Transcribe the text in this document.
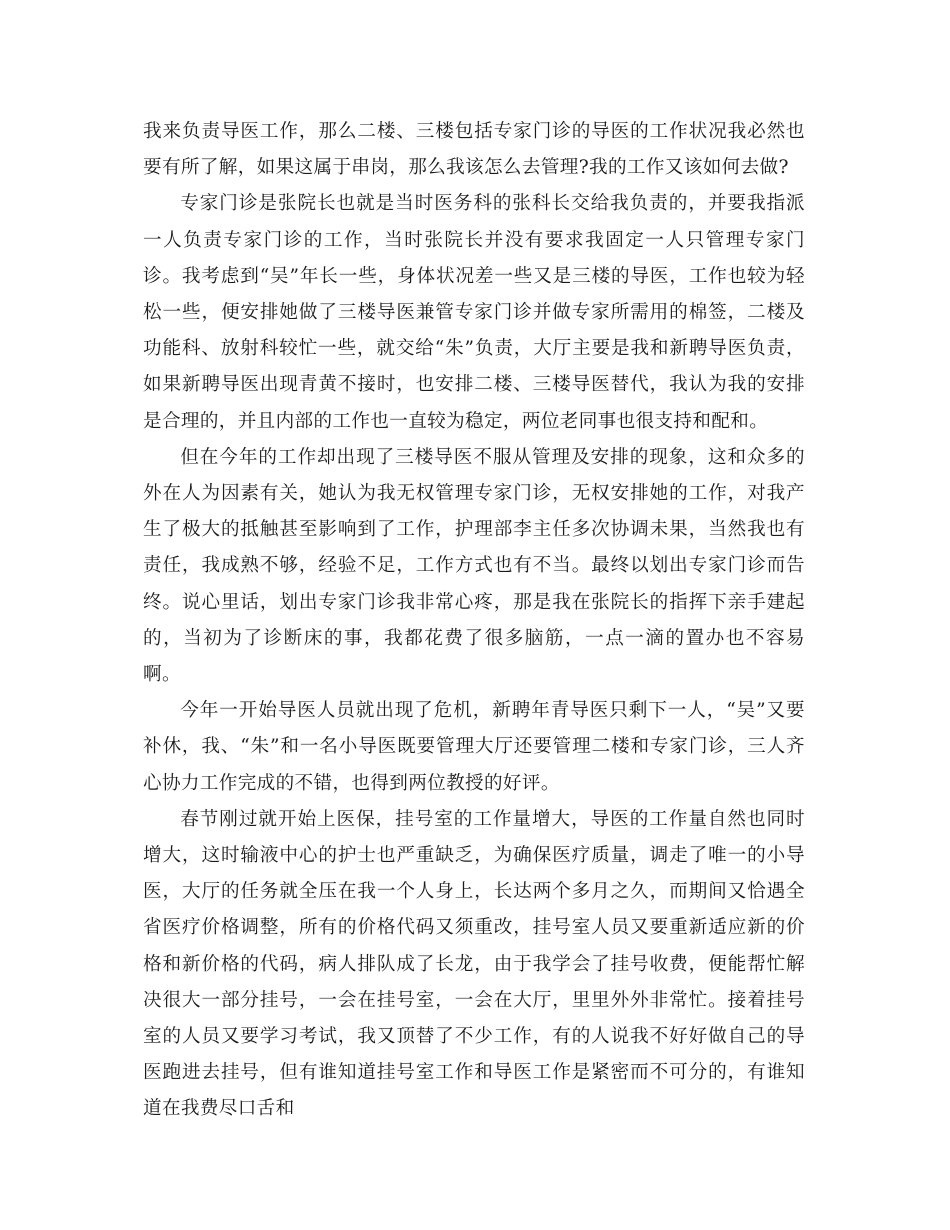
我来负责导医工作，那么二楼、三楼包括专家门诊的导医的工作状况我必然也要有所了解，如果这属于串岗，那么我该怎么去管理?我的工作又该如何去做?

专家门诊是张院长也就是当时医务科的张科长交给我负责的，并要我指派一人负责专家门诊的工作，当时张院长并没有要求我固定一人只管理专家门诊。我考虑到“吴”年长一些，身体状况差一些又是三楼的导医，工作也较为轻松一些，便安排她做了三楼导医兼管专家门诊并做专家所需用的棉签，二楼及功能科、放射科较忙一些，就交给“朱”负责，大厅主要是我和新聘导医负责，如果新聘导医出现青黄不接时，也安排二楼、三楼导医替代，我认为我的安排是合理的，并且内部的工作也一直较为稳定，两位老同事也很支持和配和。

但在今年的工作却出现了三楼导医不服从管理及安排的现象，这和众多的外在人为因素有关，她认为我无权管理专家门诊，无权安排她的工作，对我产生了极大的抵触甚至影响到了工作，护理部李主任多次协调未果，当然我也有责任，我成熟不够，经验不足，工作方式也有不当。最终以划出专家门诊而告终。说心里话，划出专家门诊我非常心疼，那是我在张院长的指挥下亲手建起的，当初为了诊断床的事，我都花费了很多脑筋，一点一滴的置办也不容易啊。

今年一开始导医人员就出现了危机，新聘年青导医只剩下一人，“吴”又要补休，我、“朱”和一名小导医既要管理大厅还要管理二楼和专家门诊，三人齐心协力工作完成的不错，也得到两位教授的好评。

春节刚过就开始上医保，挂号室的工作量增大，导医的工作量自然也同时增大，这时输液中心的护士也严重缺乏，为确保医疗质量，调走了唯一的小导医，大厅的任务就全压在我一个人身上，长达两个多月之久，而期间又恰遇全省医疗价格调整，所有的价格代码又须重改，挂号室人员又要重新适应新的价格和新价格的代码，病人排队成了长龙，由于我学会了挂号收费，便能帮忙解决很大一部分挂号，一会在挂号室，一会在大厅，里里外外非常忙。接着挂号室的人员又要学习考试，我又顶替了不少工作，有的人说我不好好做自己的导医跑进去挂号，但有谁知道挂号室工作和导医工作是紧密而不可分的，有谁知道在我费尽口舌和
